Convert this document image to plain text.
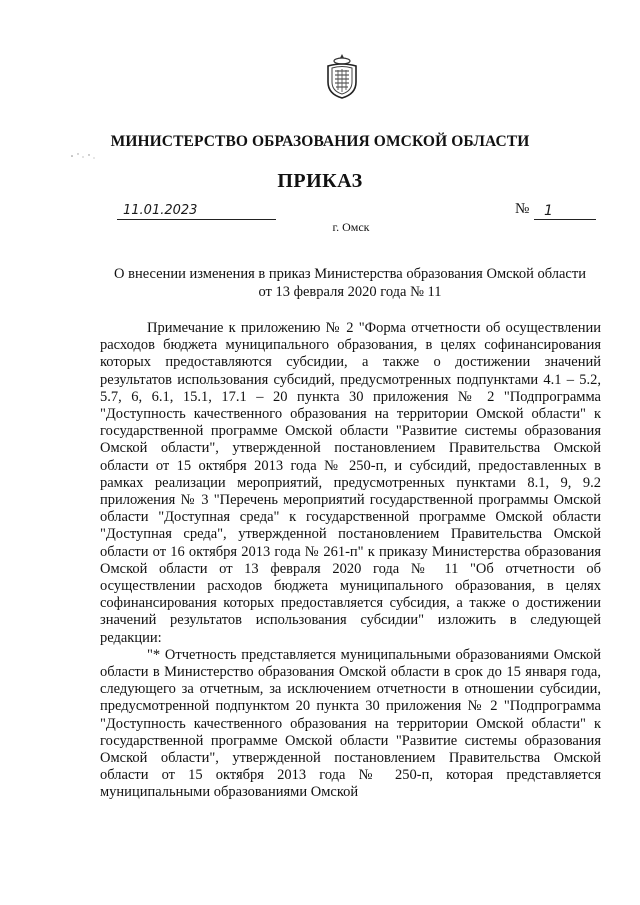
МИНИСТЕРСТВО ОБРАЗОВАНИЯ ОМСКОЙ ОБЛАСТИ
ПРИКАЗ
11.01.2023	№	1
г. Омск
О внесении изменения в приказ Министерства образования Омской области
от 13 февраля 2020 года № 11

Примечание к приложению № 2 "Форма отчетности об осуществлении расходов бюджета муниципального образования, в целях софинансирования которых предоставляются субсидии, а также о достижении значений результатов использования субсидий, предусмотренных подпунктами 4.1 – 5.2, 5.7, 6, 6.1, 15.1, 17.1 – 20 пункта 30 приложения № 2 "Подпрограмма "Доступность качественного образования на территории Омской области" к государственной программе Омской области "Развитие системы образования Омской области", утвержденной постановлением Правительства Омской области от 15 октября 2013 года № 250-п, и субсидий, предоставленных в рамках реализации мероприятий, предусмотренных пунктами 8.1, 9, 9.2 приложения № 3 "Перечень мероприятий государственной программы Омской области "Доступная среда" к государственной программе Омской области "Доступная среда", утвержденной постановлением Правительства Омской области от 16 октября 2013 года № 261-п" к приказу Министерства образования Омской области от 13 февраля 2020 года № 11 "Об отчетности об осуществлении расходов бюджета муниципального образования, в целях софинансирования которых предоставляется субсидия, а также о достижении значений результатов использования субсидии" изложить в следующей редакции:

"* Отчетность представляется муниципальными образованиями Омской области в Министерство образования Омской области в срок до 15 января года, следующего за отчетным, за исключением отчетности в отношении субсидии, предусмотренной подпунктом 20 пункта 30 приложения № 2 "Подпрограмма "Доступность качественного образования на территории Омской области" к государственной программе Омской области "Развитие системы образования Омской области", утвержденной постановлением Правительства Омской области от 15 октября 2013 года № 250-п, которая представляется муниципальными образованиями Омской
